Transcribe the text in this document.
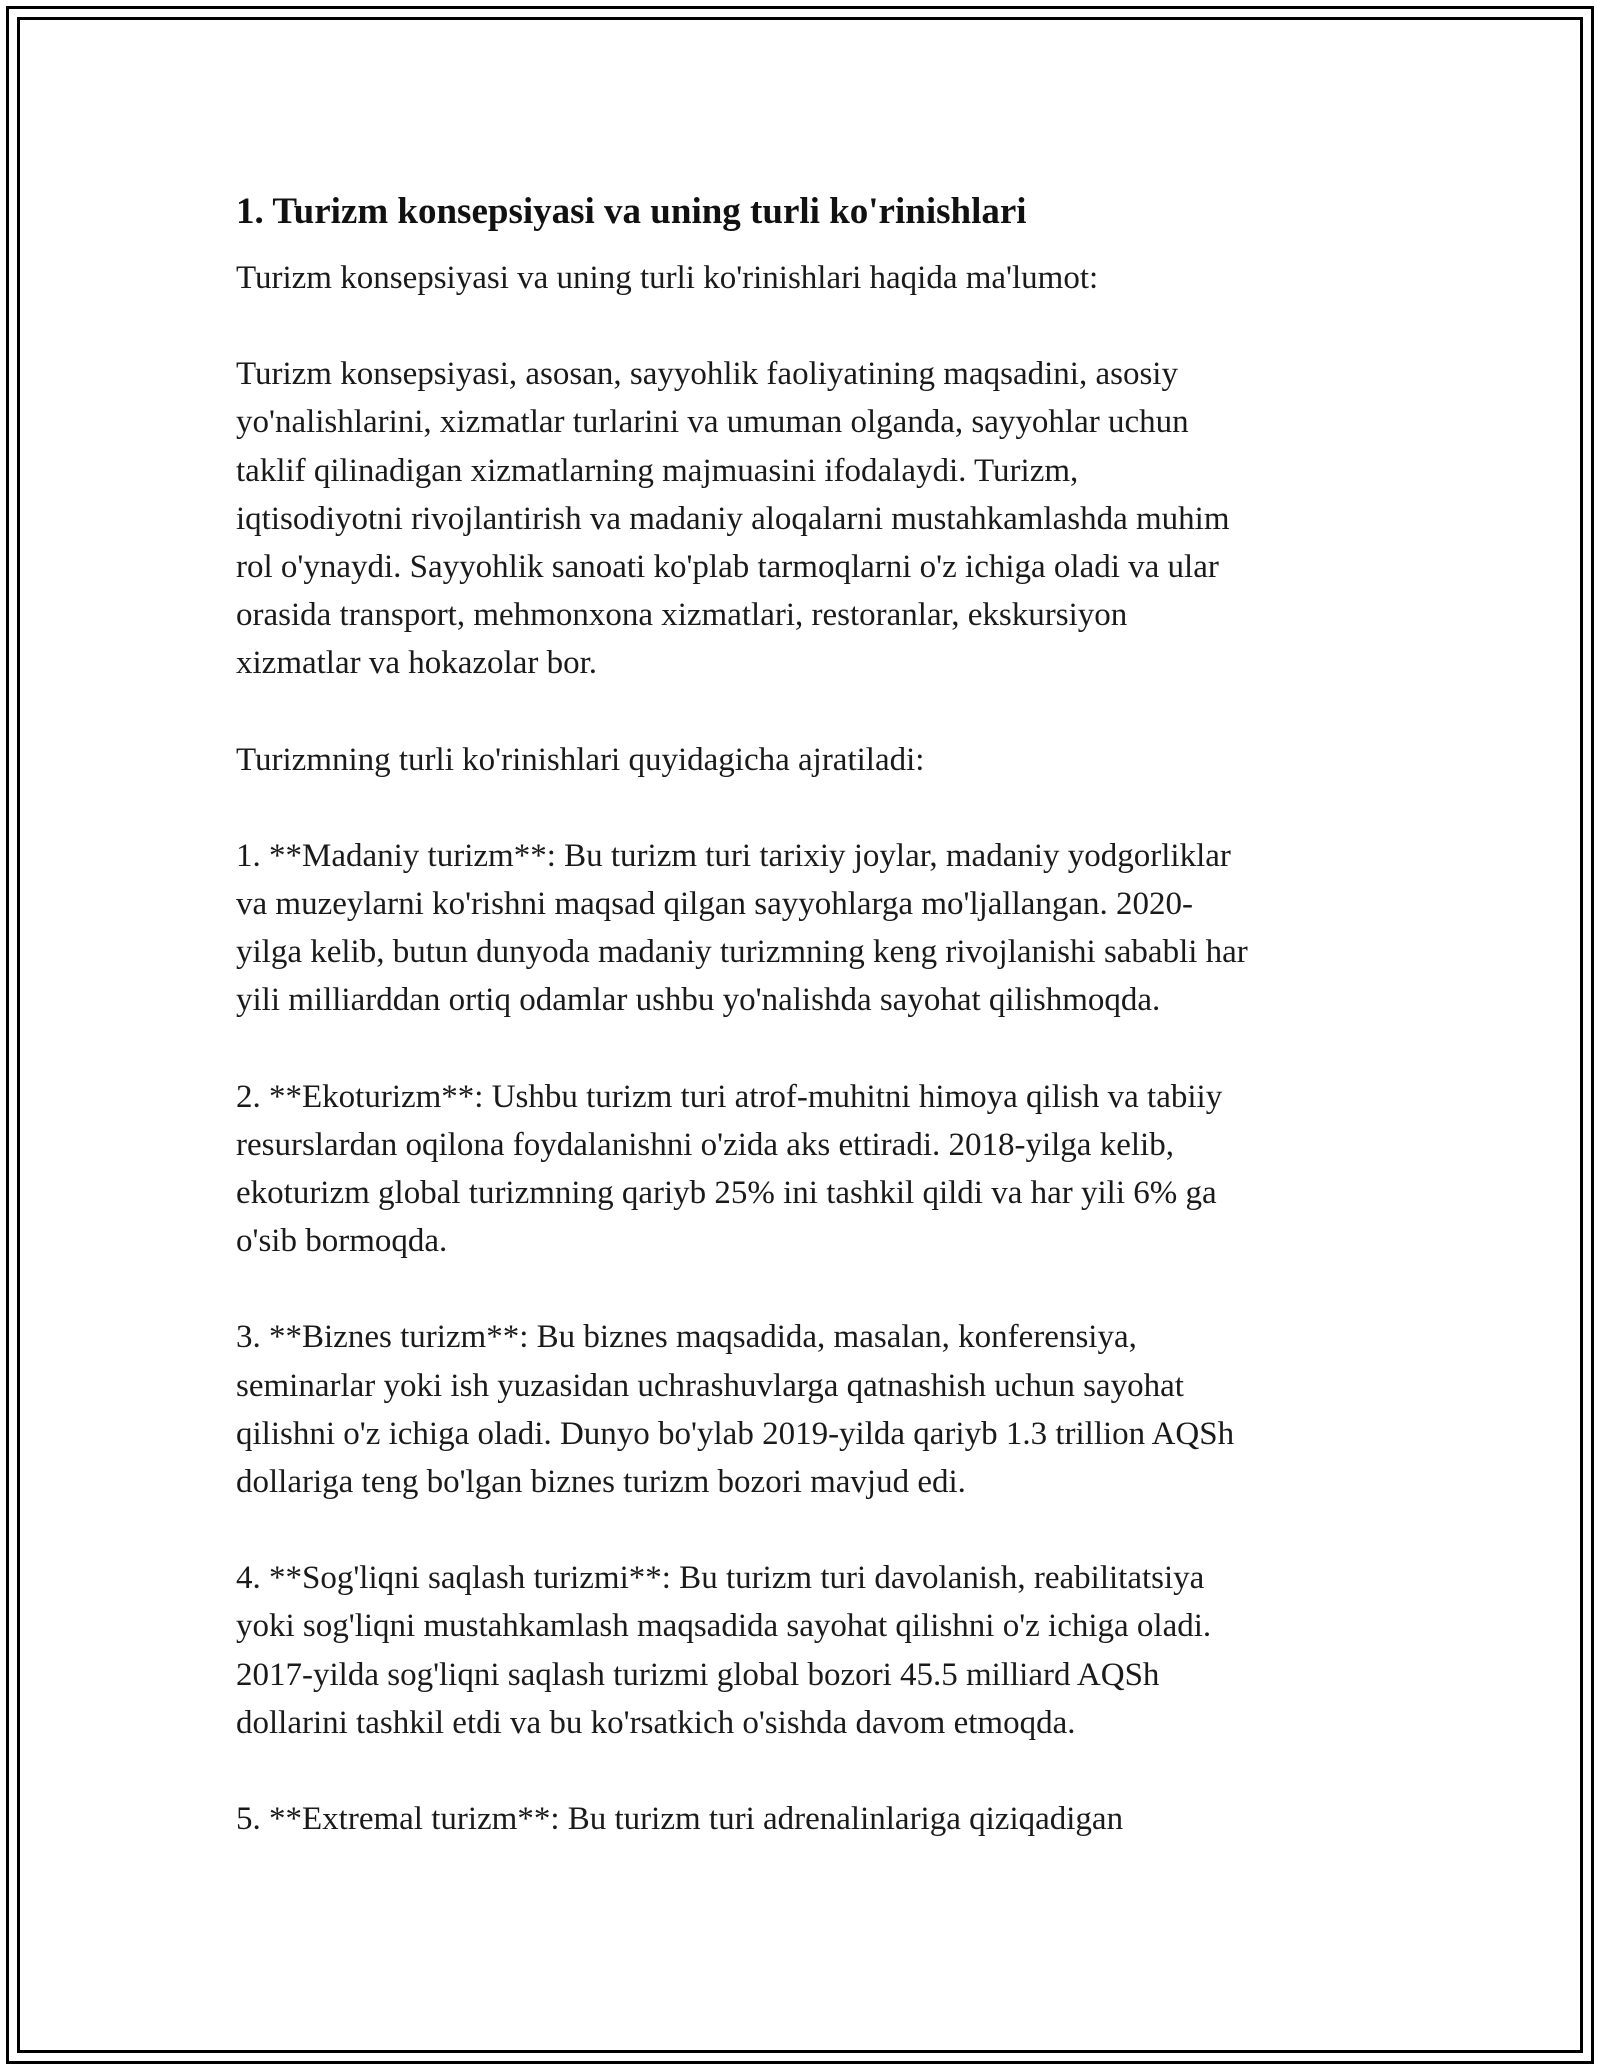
1. Turizm konsepsiyasi va uning turli ko'rinishlari

Turizm konsepsiyasi va uning turli ko'rinishlari haqida ma'lumot:

Turizm konsepsiyasi, asosan, sayyohlik faoliyatining maqsadini, asosiy
yo'nalishlarini, xizmatlar turlarini va umuman olganda, sayyohlar uchun
taklif qilinadigan xizmatlarning majmuasini ifodalaydi. Turizm,
iqtisodiyotni rivojlantirish va madaniy aloqalarni mustahkamlashda muhim
rol o'ynaydi. Sayyohlik sanoati ko'plab tarmoqlarni o'z ichiga oladi va ular
orasida transport, mehmonxona xizmatlari, restoranlar, ekskursiyon
xizmatlar va hokazolar bor.

Turizmning turli ko'rinishlari quyidagicha ajratiladi:

1. **Madaniy turizm**: Bu turizm turi tarixiy joylar, madaniy yodgorliklar
va muzeylarni ko'rishni maqsad qilgan sayyohlarga mo'ljallangan. 2020-
yilga kelib, butun dunyoda madaniy turizmning keng rivojlanishi sababli har
yili milliarddan ortiq odamlar ushbu yo'nalishda sayohat qilishmoqda.

2. **Ekoturizm**: Ushbu turizm turi atrof-muhitni himoya qilish va tabiiy
resurslardan oqilona foydalanishni o'zida aks ettiradi. 2018-yilga kelib,
ekoturizm global turizmning qariyb 25% ini tashkil qildi va har yili 6% ga
o'sib bormoqda.

3. **Biznes turizm**: Bu biznes maqsadida, masalan, konferensiya,
seminarlar yoki ish yuzasidan uchrashuvlarga qatnashish uchun sayohat
qilishni o'z ichiga oladi. Dunyo bo'ylab 2019-yilda qariyb 1.3 trillion AQSh
dollariga teng bo'lgan biznes turizm bozori mavjud edi.

4. **Sog'liqni saqlash turizmi**: Bu turizm turi davolanish, reabilitatsiya
yoki sog'liqni mustahkamlash maqsadida sayohat qilishni o'z ichiga oladi.
2017-yilda sog'liqni saqlash turizmi global bozori 45.5 milliard AQSh
dollarini tashkil etdi va bu ko'rsatkich o'sishda davom etmoqda.

5. **Extremal turizm**: Bu turizm turi adrenalinlariga qiziqadigan
